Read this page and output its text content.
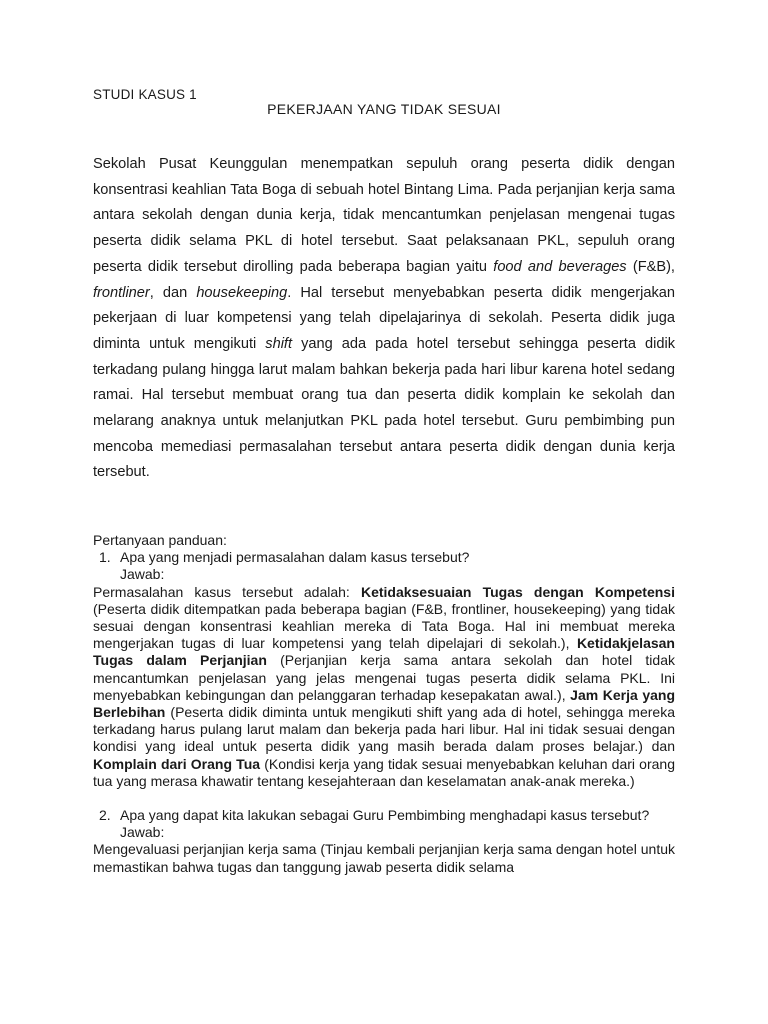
STUDI KASUS 1
PEKERJAAN YANG TIDAK SESUAI

Sekolah Pusat Keunggulan menempatkan sepuluh orang peserta didik dengan konsentrasi keahlian Tata Boga di sebuah hotel Bintang Lima. Pada perjanjian kerja sama antara sekolah dengan dunia kerja, tidak mencantumkan penjelasan mengenai tugas peserta didik selama PKL di hotel tersebut. Saat pelaksanaan PKL, sepuluh orang peserta didik tersebut dirolling pada beberapa bagian yaitu food and beverages (F&B), frontliner, dan housekeeping. Hal tersebut menyebabkan peserta didik mengerjakan pekerjaan di luar kompetensi yang telah dipelajarinya di sekolah. Peserta didik juga diminta untuk mengikuti shift yang ada pada hotel tersebut sehingga peserta didik terkadang pulang hingga larut malam bahkan bekerja pada hari libur karena hotel sedang ramai. Hal tersebut membuat orang tua dan peserta didik komplain ke sekolah dan melarang anaknya untuk melanjutkan PKL pada hotel tersebut. Guru pembimbing pun mencoba memediasi permasalahan tersebut antara peserta didik dengan dunia kerja tersebut.

Pertanyaan panduan:

1. Apa yang menjadi permasalahan dalam kasus tersebut?

Jawab:

Permasalahan kasus tersebut adalah: Ketidaksesuaian Tugas dengan Kompetensi (Peserta didik ditempatkan pada beberapa bagian (F&B, frontliner, housekeeping) yang tidak sesuai dengan konsentrasi keahlian mereka di Tata Boga. Hal ini membuat mereka mengerjakan tugas di luar kompetensi yang telah dipelajari di sekolah.), Ketidakjelasan Tugas dalam Perjanjian (Perjanjian kerja sama antara sekolah dan hotel tidak mencantumkan penjelasan yang jelas mengenai tugas peserta didik selama PKL. Ini menyebabkan kebingungan dan pelanggaran terhadap kesepakatan awal.), Jam Kerja yang Berlebihan (Peserta didik diminta untuk mengikuti shift yang ada di hotel, sehingga mereka terkadang harus pulang larut malam dan bekerja pada hari libur. Hal ini tidak sesuai dengan kondisi yang ideal untuk peserta didik yang masih berada dalam proses belajar.) dan Komplain dari Orang Tua (Kondisi kerja yang tidak sesuai menyebabkan keluhan dari orang tua yang merasa khawatir tentang kesejahteraan dan keselamatan anak-anak mereka.)

2. Apa yang dapat kita lakukan sebagai Guru Pembimbing menghadapi kasus tersebut?

Jawab:

Mengevaluasi perjanjian kerja sama (Tinjau kembali perjanjian kerja sama dengan hotel untuk memastikan bahwa tugas dan tanggung jawab peserta didik selama
